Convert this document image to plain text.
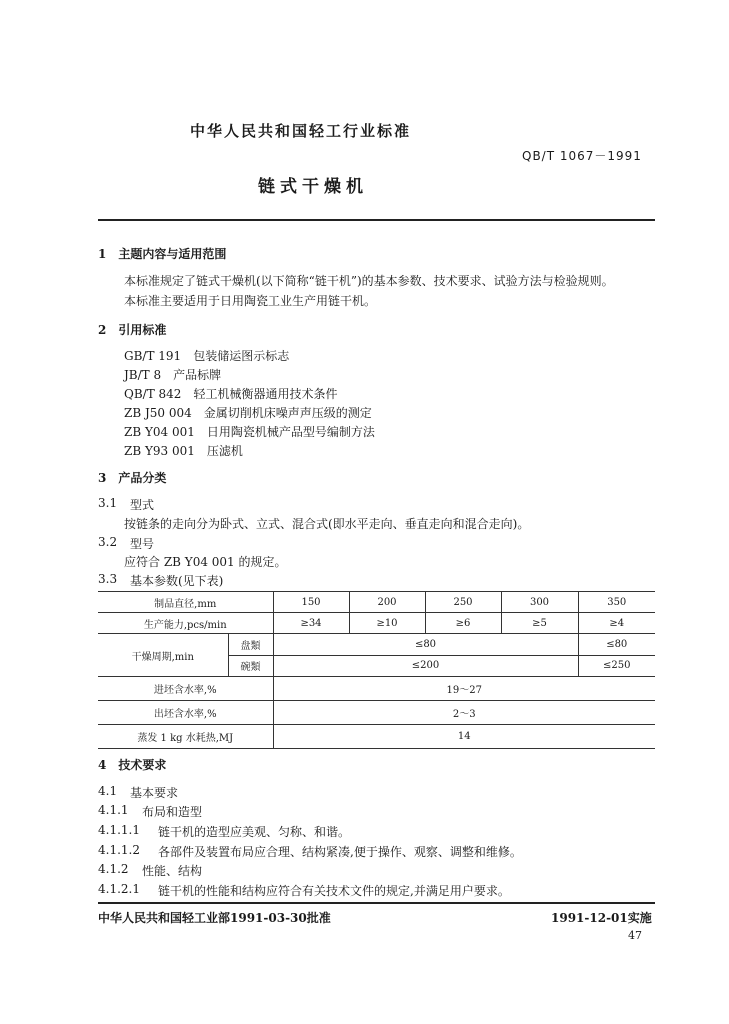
中华人民共和国轻工行业标准
QB/T 1067－1991
链式干燥机
1　主题内容与适用范围
本标准规定了链式干燥机(以下简称“链干机”)的基本参数、技术要求、试验方法与检验规则。
本标准主要适用于日用陶瓷工业生产用链干机。
2　引用标准
GB/T 191　 包装储运图示标志
JB/T 8　 产品标牌
QB/T 842　 轻工机械衡器通用技术条件
ZB J50 004　 金属切削机床噪声声压级的测定
ZB Y04 001　 日用陶瓷机械产品型号编制方法
ZB Y93 001　 压滤机
3　产品分类
3.1 型式
按链条的走向分为卧式、立式、混合式(即水平走向、垂直走向和混合走向)。
3.2 型号
应符合 ZB Y04 001 的规定。
3.3 基本参数(见下表)
制品直径,mm		150	200	250	300	350
生产能力,pcs/min		≥34	≥10	≥6	≥5	≥4
干燥周期,min	盘類	≤80				≤80
	碗類	≤200				≤250
进坯含水率,%		19～27				
出坯含水率,%		2～3				
蒸发 1 kg 水耗热,MJ		14				
4　技术要求
4.1 基本要求
4.1.1 布局和造型
4.1.1.1 链干机的造型应美观、匀称、和谐。
4.1.1.2 各部件及装置布局应合理、结构紧凑,便于操作、观察、调整和维修。
4.1.2 性能、结构
4.1.2.1 链干机的性能和结构应符合有关技术文件的规定,并满足用户要求。
中华人民共和国轻工业部1991-03-30批准	1991-12-01实施
47
